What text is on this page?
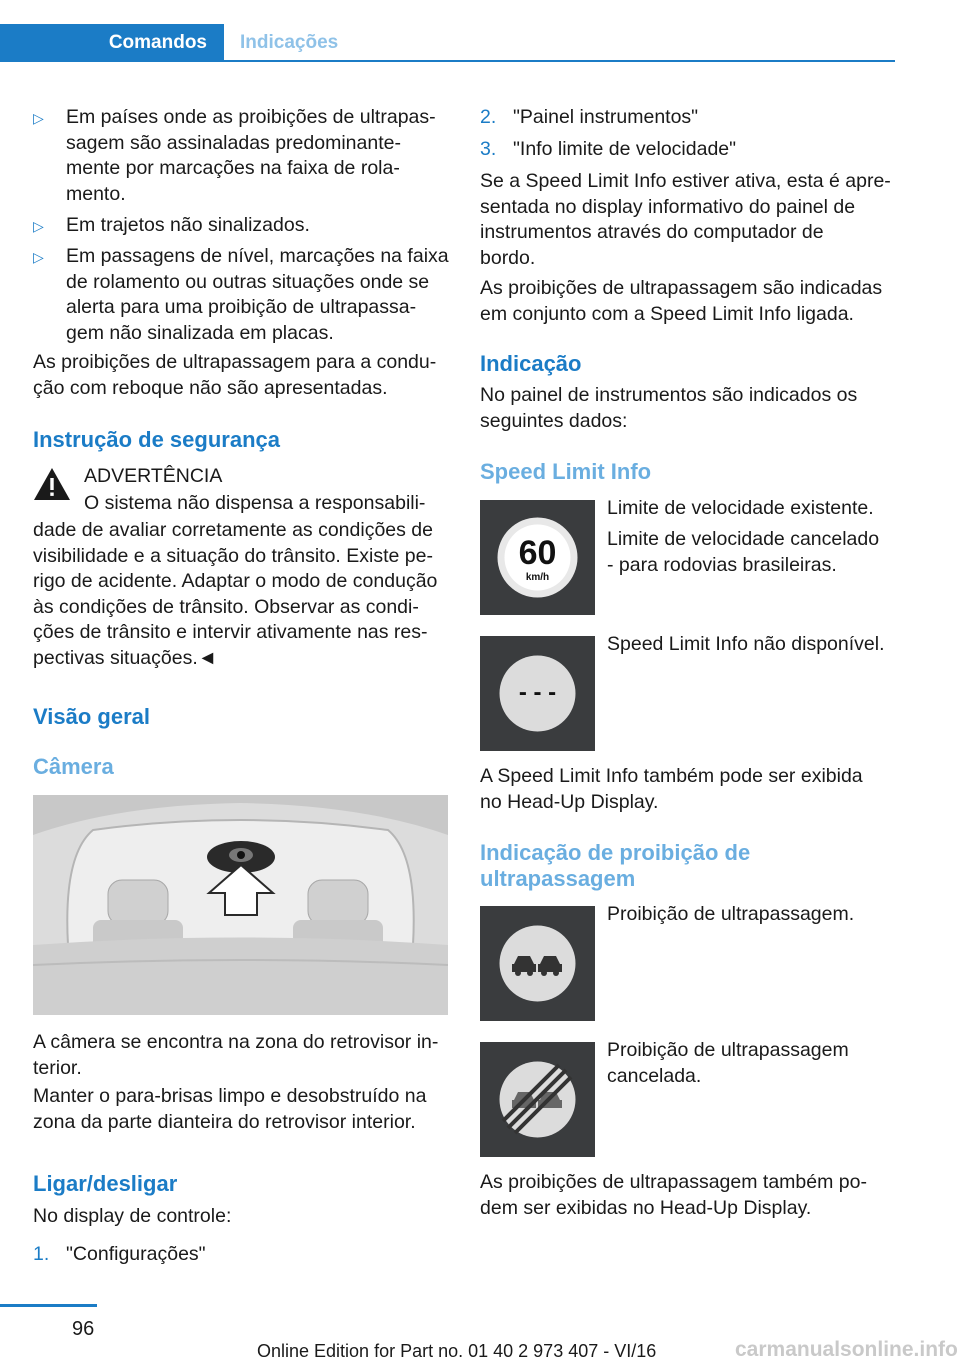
Comandos Indicações
▷ Em países onde as proibições de ultrapas-
sagem são assinaladas predominante-
mente por marcações na faixa de rola-
mento.
▷ Em trajetos não sinalizados.
▷ Em passagens de nível, marcações na faixa
de rolamento ou outras situações onde se
alerta para uma proibição de ultrapassa-
gem não sinalizada em placas.
As proibições de ultrapassagem para a condu-
ção com reboque não são apresentadas.
Instrução de segurança
ADVERTÊNCIA
O sistema não dispensa a responsabili-
dade de avaliar corretamente as condições de
visibilidade e a situação do trânsito. Existe pe-
rigo de acidente. Adaptar o modo de condução
às condições de trânsito. Observar as condi-
ções de trânsito e intervir ativamente nas res-
pectivas situações.◄
Visão geral
Câmera
A câmera se encontra na zona do retrovisor in-
terior.
Manter o para-brisas limpo e desobstruído na
zona da parte dianteira do retrovisor interior.
Ligar/desligar
No display de controle:
1. "Configurações"
2. "Painel instrumentos"
3. "Info limite de velocidade"
Se a Speed Limit Info estiver ativa, esta é apre-
sentada no display informativo do painel de
instrumentos através do computador de
bordo.
As proibições de ultrapassagem são indicadas
em conjunto com a Speed Limit Info ligada.
Indicação
No painel de instrumentos são indicados os
seguintes dados:
Speed Limit Info
60
km/h
Limite de velocidade existente.
Limite de velocidade cancelado
- para rodovias brasileiras.
- - -
Speed Limit Info não disponível.
A Speed Limit Info também pode ser exibida
no Head-Up Display.
Indicação de proibição de
ultrapassagem
Proibição de ultrapassagem.
Proibição de ultrapassagem
cancelada.
As proibições de ultrapassagem também po-
dem ser exibidas no Head-Up Display.
96
Online Edition for Part no. 01 40 2 973 407 - VI/16	carmanualsonline.info
